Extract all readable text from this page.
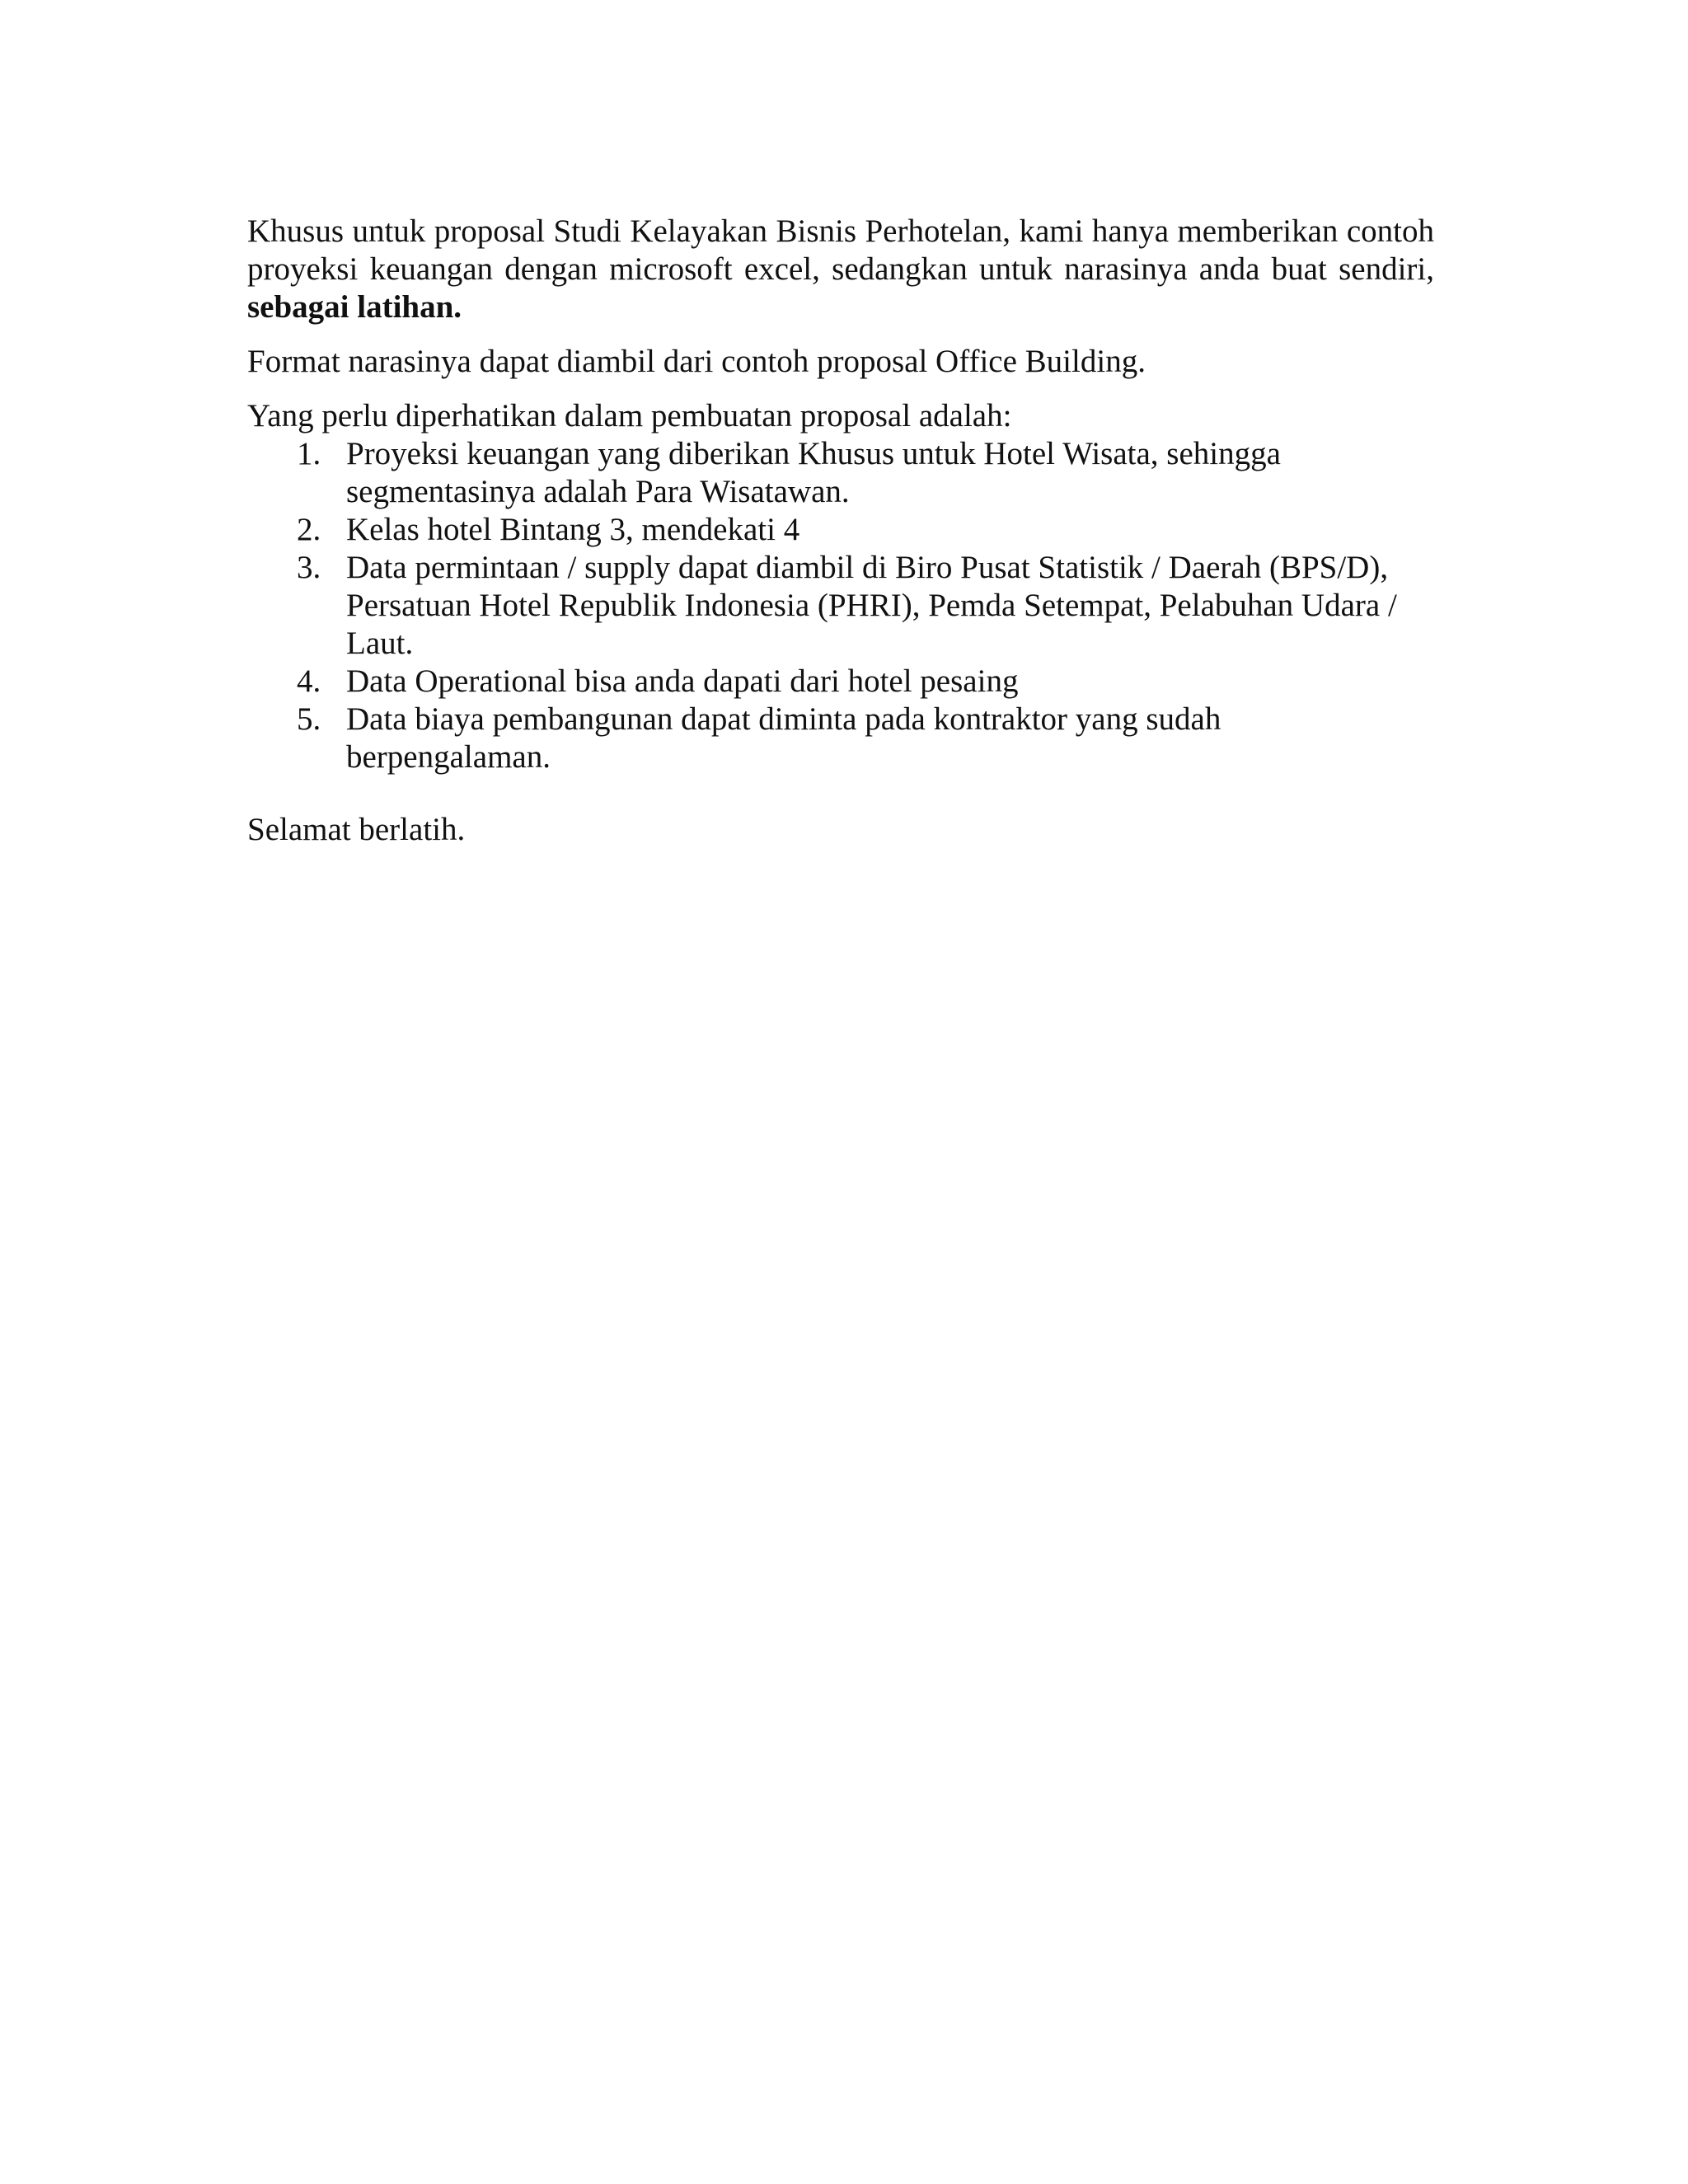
Khusus untuk proposal Studi Kelayakan Bisnis Perhotelan, kami hanya memberikan contoh proyeksi keuangan dengan microsoft excel, sedangkan untuk narasinya anda buat sendiri, sebagai latihan.

Format narasinya dapat diambil dari contoh proposal Office Building.

Yang perlu diperhatikan dalam pembuatan proposal adalah:

1. Proyeksi keuangan yang diberikan Khusus untuk Hotel Wisata, sehingga segmentasinya adalah Para Wisatawan.
2. Kelas hotel Bintang 3, mendekati 4
3. Data permintaan / supply dapat diambil di Biro Pusat Statistik / Daerah (BPS/D), Persatuan Hotel Republik Indonesia (PHRI), Pemda Setempat, Pelabuhan Udara / Laut.
4. Data Operational bisa anda dapati dari hotel pesaing
5. Data biaya pembangunan dapat diminta pada kontraktor yang sudah berpengalaman.

Selamat berlatih.
